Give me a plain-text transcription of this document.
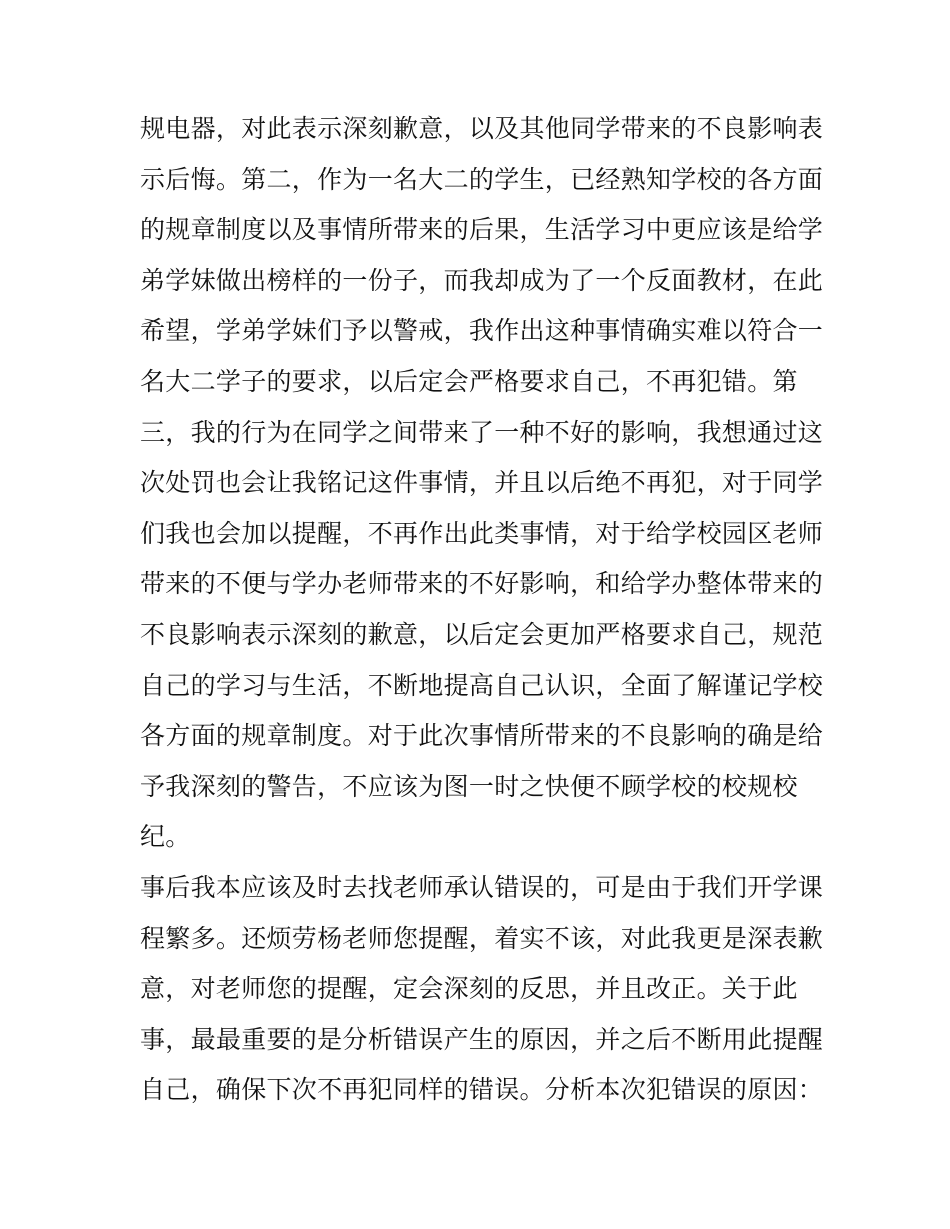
规电器，对此表示深刻歉意，以及其他同学带来的不良影响表
示后悔。第二，作为一名大二的学生，已经熟知学校的各方面
的规章制度以及事情所带来的后果，生活学习中更应该是给学
弟学妹做出榜样的一份子，而我却成为了一个反面教材，在此
希望，学弟学妹们予以警戒，我作出这种事情确实难以符合一
名大二学子的要求，以后定会严格要求自己，不再犯错。第
三，我的行为在同学之间带来了一种不好的影响，我想通过这
次处罚也会让我铭记这件事情，并且以后绝不再犯，对于同学
们我也会加以提醒，不再作出此类事情，对于给学校园区老师
带来的不便与学办老师带来的不好影响，和给学办整体带来的
不良影响表示深刻的歉意，以后定会更加严格要求自己，规范
自己的学习与生活，不断地提高自己认识，全面了解谨记学校
各方面的规章制度。对于此次事情所带来的不良影响的确是给
予我深刻的警告，不应该为图一时之快便不顾学校的校规校
纪。
事后我本应该及时去找老师承认错误的，可是由于我们开学课
程繁多。还烦劳杨老师您提醒，着实不该，对此我更是深表歉
意，对老师您的提醒，定会深刻的反思，并且改正。关于此
事，最最重要的是分析错误产生的原因，并之后不断用此提醒
自己，确保下次不再犯同样的错误。分析本次犯错误的原因：
